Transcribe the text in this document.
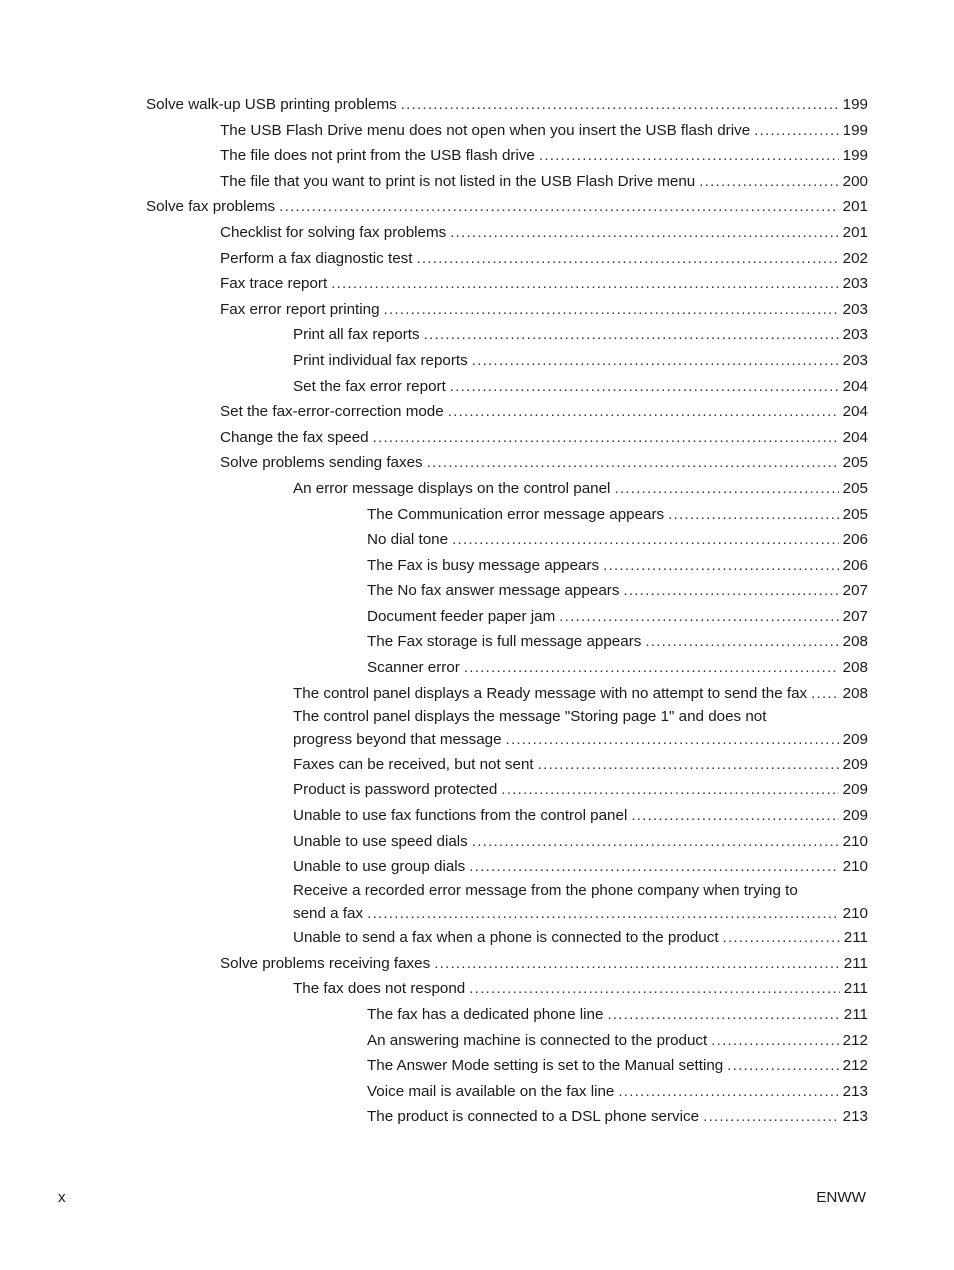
Solve walk-up USB printing problems .....	199
The USB Flash Drive menu does not open when you insert the USB flash drive .....	199
The file does not print from the USB flash drive .....	199
The file that you want to print is not listed in the USB Flash Drive menu .....	200
Solve fax problems .....	201
Checklist for solving fax problems .....	201
Perform a fax diagnostic test .....	202
Fax trace report .....	203
Fax error report printing .....	203
Print all fax reports .....	203
Print individual fax reports .....	203
Set the fax error report .....	204
Set the fax-error-correction mode .....	204
Change the fax speed .....	204
Solve problems sending faxes .....	205
An error message displays on the control panel .....	205
The Communication error message appears .....	205
No dial tone .....	206
The Fax is busy message appears .....	206
The No fax answer message appears .....	207
Document feeder paper jam .....	207
The Fax storage is full message appears .....	208
Scanner error .....	208
The control panel displays a Ready message with no attempt to send the fax ..... 208
The control panel displays the message "Storing page 1" and does not
progress beyond that message .....	209
Faxes can be received, but not sent .....	209
Product is password protected .....	209
Unable to use fax functions from the control panel .....	209
Unable to use speed dials .....	210
Unable to use group dials .....	210
Receive a recorded error message from the phone company when trying to
send a fax .....	210
Unable to send a fax when a phone is connected to the product .....	211
Solve problems receiving faxes .....	211
The fax does not respond .....	211
The fax has a dedicated phone line .....	211
An answering machine is connected to the product .....	212
The Answer Mode setting is set to the Manual setting .....	212
Voice mail is available on the fax line .....	213
The product is connected to a DSL phone service .....	213
x	ENWW
